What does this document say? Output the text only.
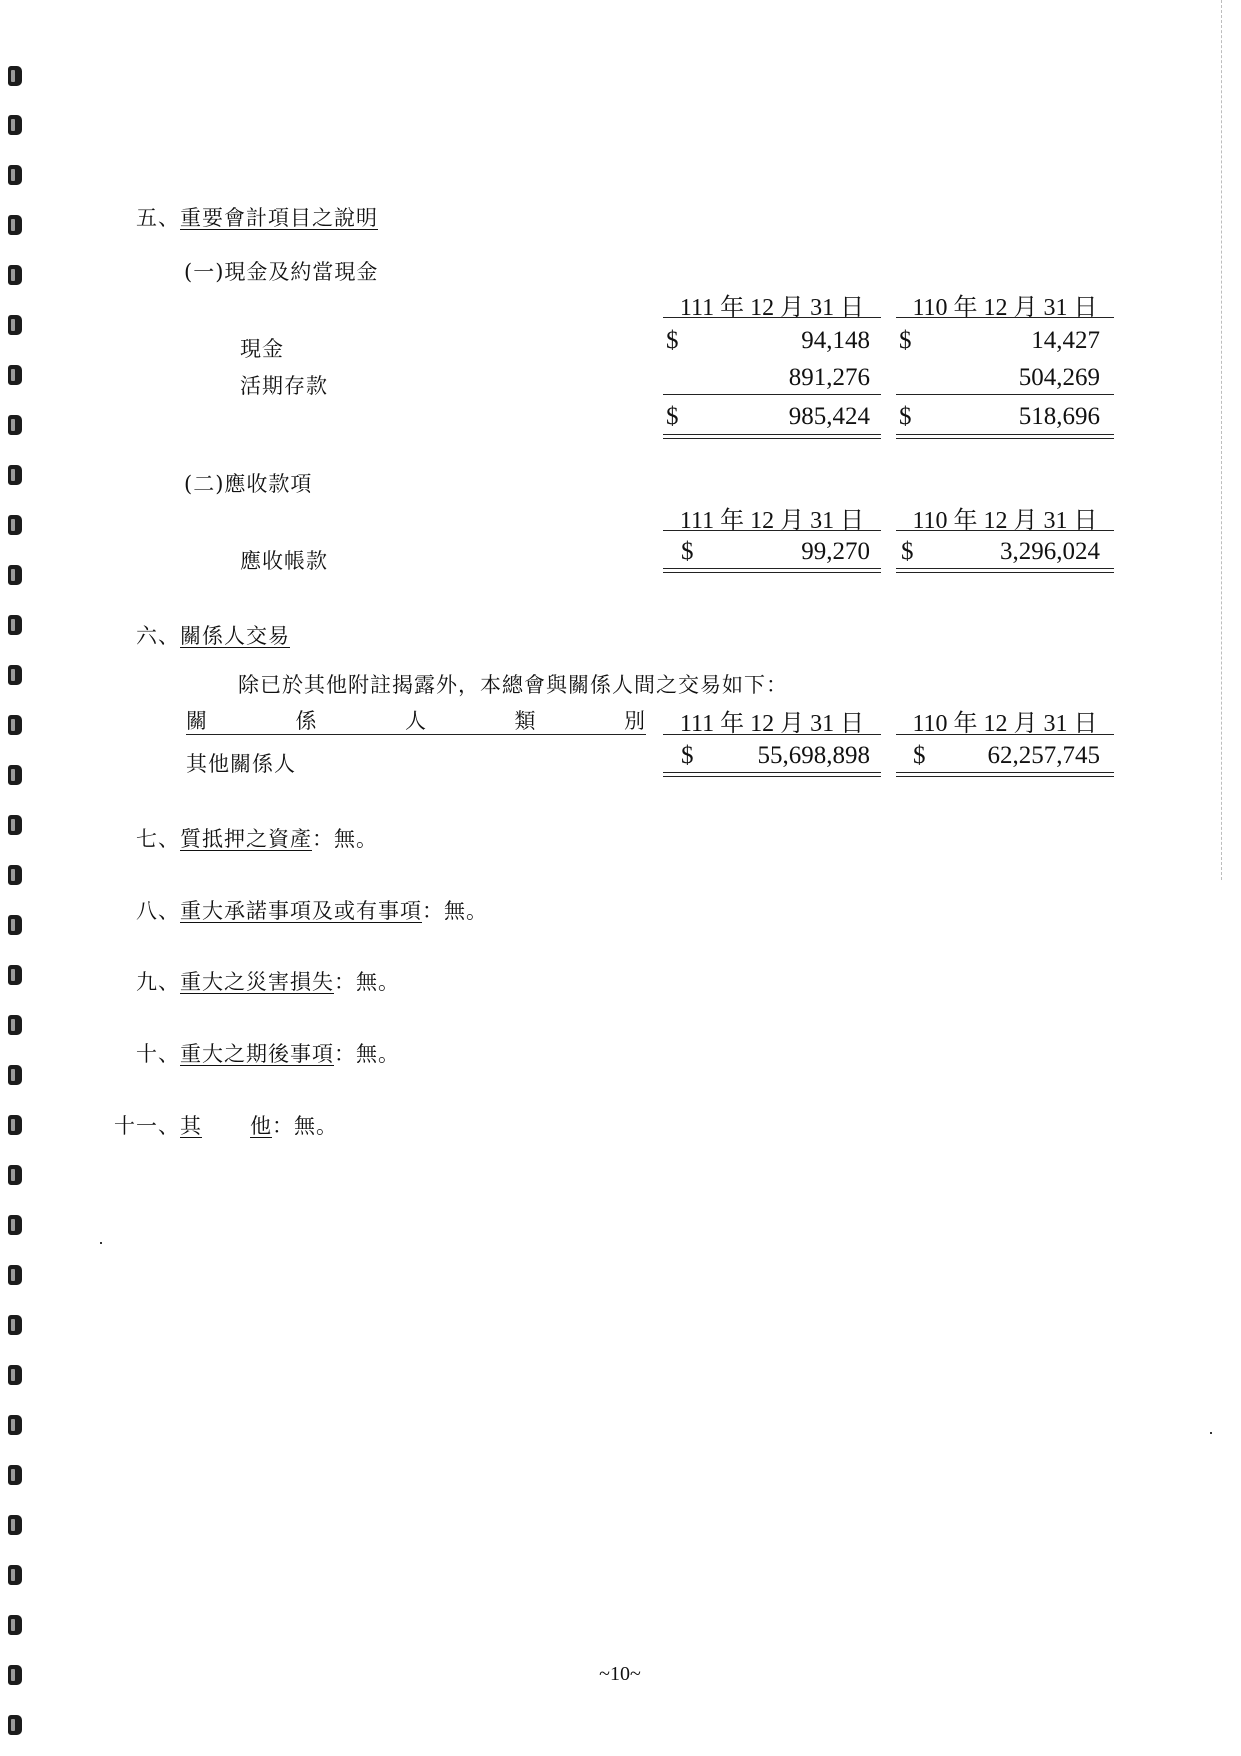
五、重要會計項目之說明
(一)現金及約當現金
111 年 12 月 31 日	110 年 12 月 31 日
現金	$	94,148 $	14,427
活期存款	891,276	504,269
$	985,424 $	518,696
(二)應收款項
111 年 12 月 31 日	110 年 12 月 31 日
應收帳款	$	99,270 $	3,296,024
六、關係人交易
除已於其他附註揭露外，本總會與關係人間之交易如下：
關	係	人	類	別	111 年 12 月 31 日	110 年 12 月 31 日
其他關係人	$	55,698,898 $	62,257,745
七、質抵押之資產：無。
八、重大承諾事項及或有事項：無。
九、重大之災害損失：無。
十、重大之期後事項：無。
十一、其 他：無。
~10~
